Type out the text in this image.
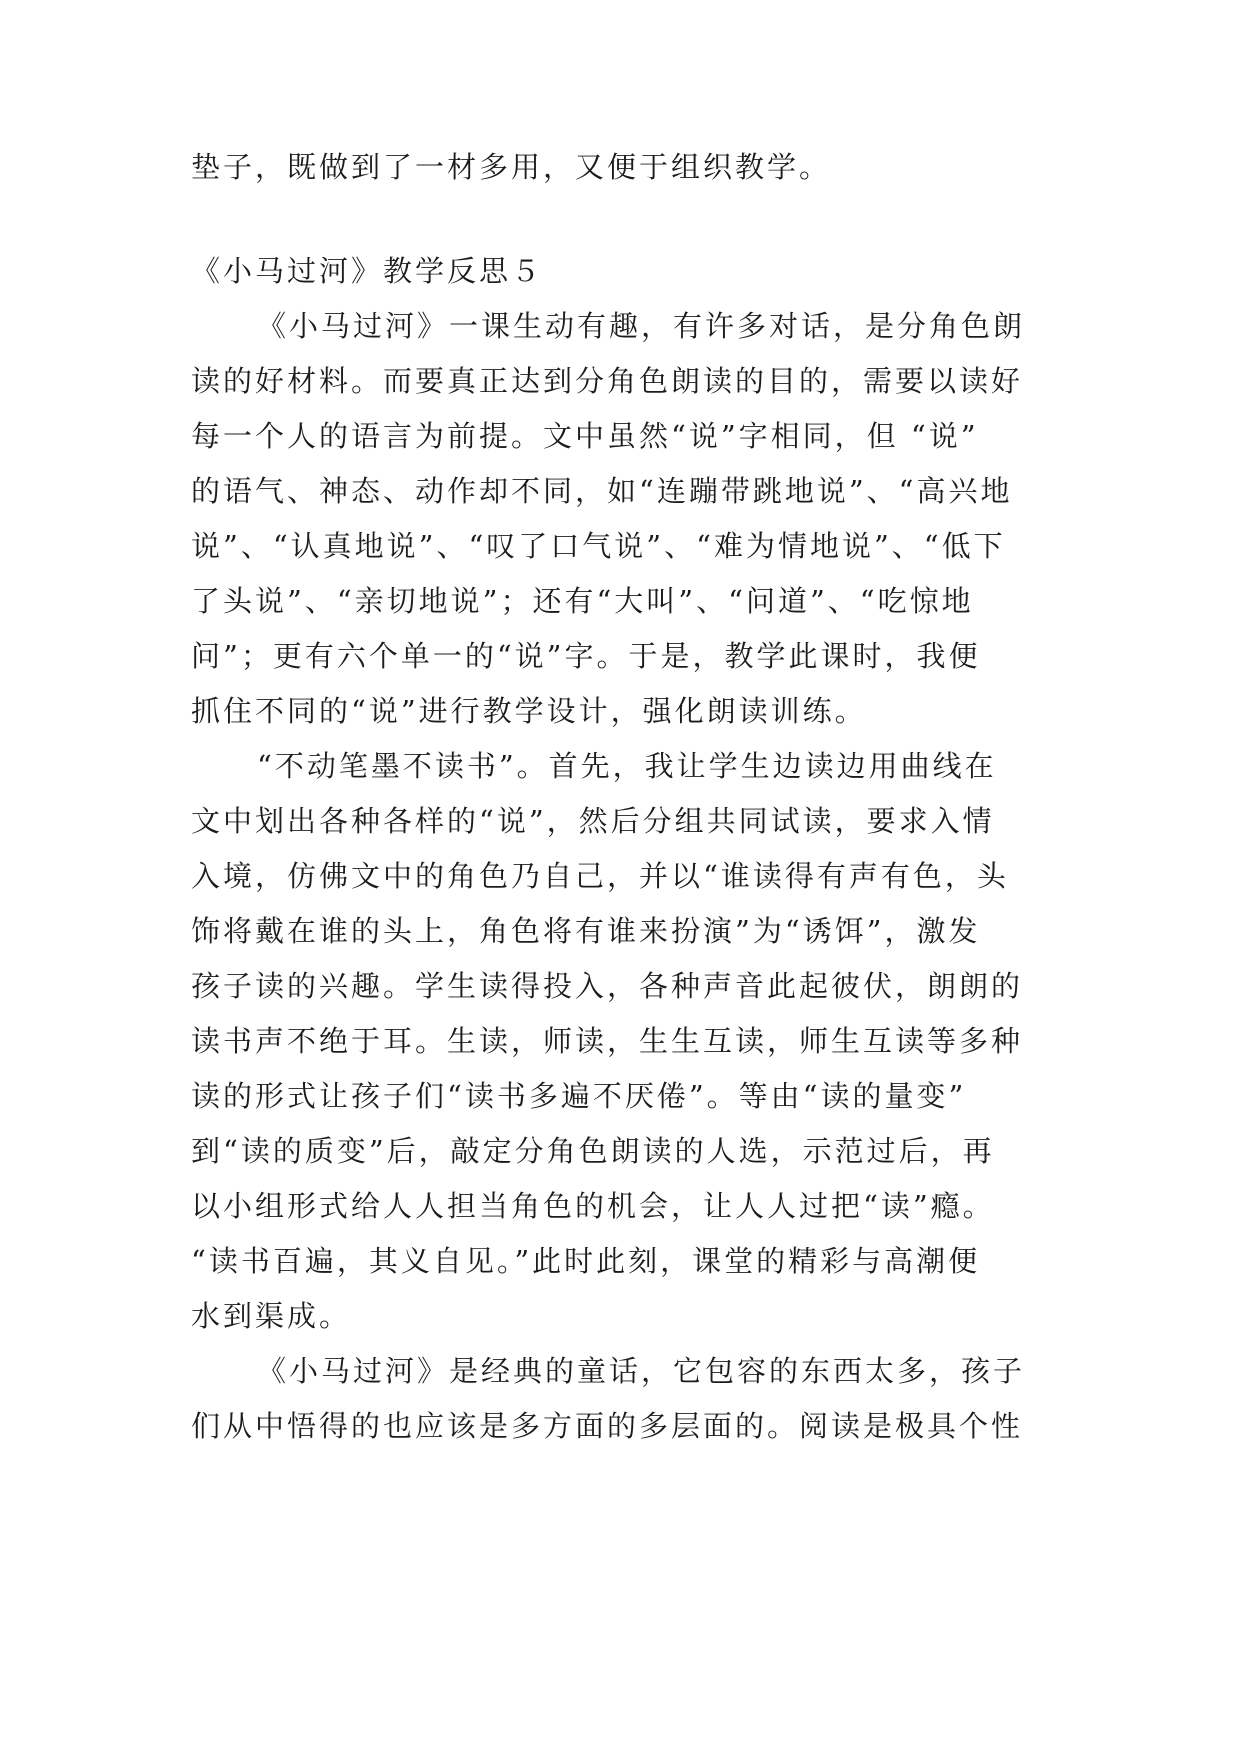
垫子，既做到了一材多用，又便于组织教学。
《小马过河》教学反思５
《小马过河》一课生动有趣，有许多对话，是分角色朗
读的好材料。而要真正达到分角色朗读的目的，需要以读好
每一个人的语言为前提。文中虽然“说”字相同，但 “说”
的语气、神态、动作却不同，如“连蹦带跳地说”、“高兴地
说”、“认真地说”、“叹了口气说”、“难为情地说”、“低下
了头说”、“亲切地说”；还有“大叫”、“问道”、“吃惊地
问”；更有六个单一的“说”字。于是，教学此课时，我便
抓住不同的“说”进行教学设计，强化朗读训练。
“不动笔墨不读书”。首先，我让学生边读边用曲线在
文中划出各种各样的“说”，然后分组共同试读，要求入情
入境，仿佛文中的角色乃自己，并以“谁读得有声有色，头
饰将戴在谁的头上，角色将有谁来扮演”为“诱饵”，激发
孩子读的兴趣。学生读得投入，各种声音此起彼伏，朗朗的
读书声不绝于耳。生读，师读，生生互读，师生互读等多种
读的形式让孩子们“读书多遍不厌倦”。等由“读的量变”
到“读的质变”后，敲定分角色朗读的人选，示范过后，再
以小组形式给人人担当角色的机会，让人人过把“读”瘾。
“读书百遍，其义自见。”此时此刻，课堂的精彩与高潮便
水到渠成。
《小马过河》是经典的童话，它包容的东西太多，孩子
们从中悟得的也应该是多方面的多层面的。阅读是极具个性
